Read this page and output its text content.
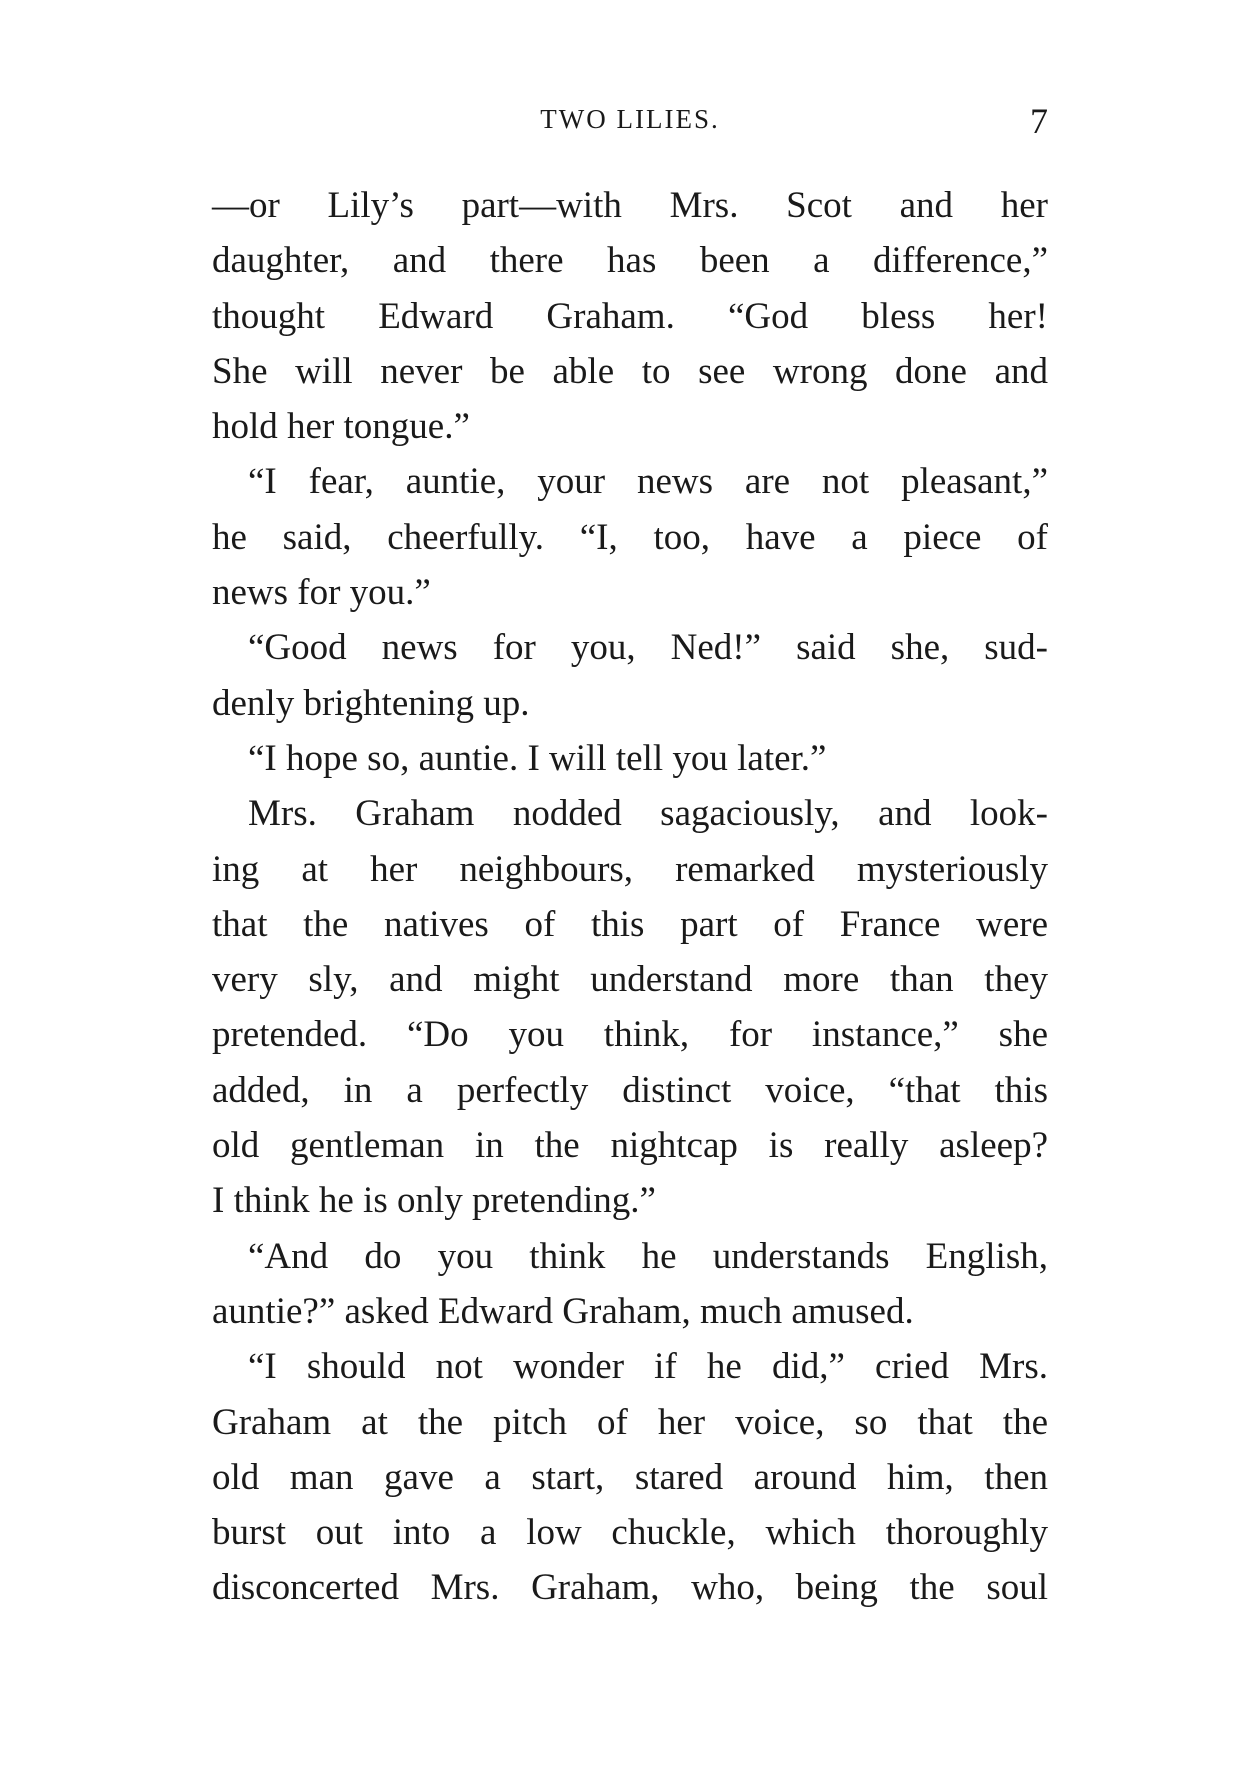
TWO LILIES.	7
—or Lily’s part—with Mrs. Scot and her
daughter, and there has been a difference,”
thought Edward Graham. “God bless her!
She will never be able to see wrong done and
hold her tongue.”
“I fear, auntie, your news are not pleasant,”
he said, cheerfully. “I, too, have a piece of
news for you.”
“Good news for you, Ned!” said she, sud-
denly brightening up.
“I hope so, auntie. I will tell you later.”
Mrs. Graham nodded sagaciously, and look-
ing at her neighbours, remarked mysteriously
that the natives of this part of France were
very sly, and might understand more than they
pretended. “Do you think, for instance,” she
added, in a perfectly distinct voice, “that this
old gentleman in the nightcap is really asleep?
I think he is only pretending.”
“And do you think he understands English,
auntie?” asked Edward Graham, much amused.
“I should not wonder if he did,” cried Mrs.
Graham at the pitch of her voice, so that the
old man gave a start, stared around him, then
burst out into a low chuckle, which thoroughly
disconcerted Mrs. Graham, who, being the soul
